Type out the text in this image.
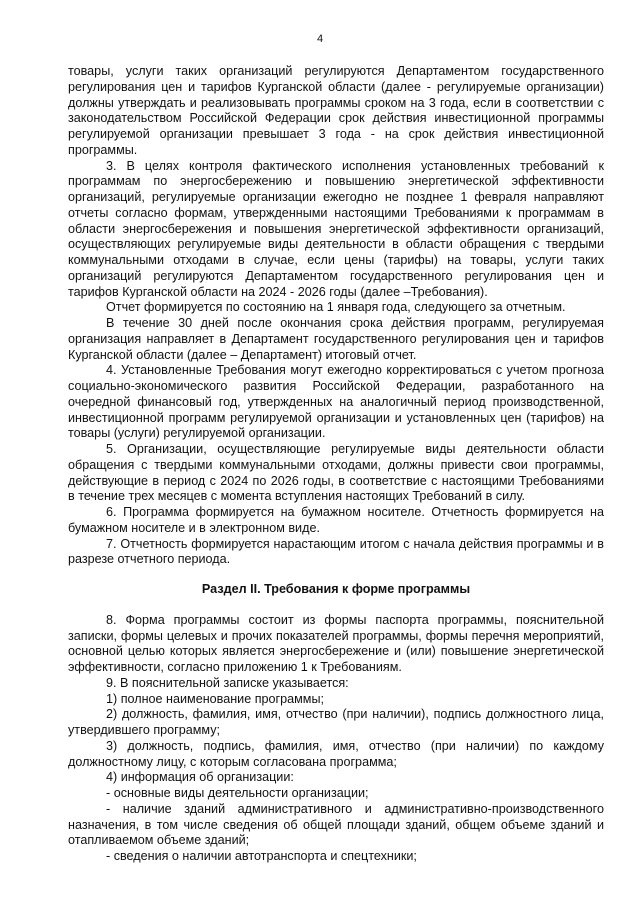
4

товары, услуги таких организаций регулируются Департаментом государственного регулирования цен и тарифов Курганской области (далее - регулируемые организации) должны утверждать и реализовывать программы сроком на 3 года, если в соответствии с законодательством Российской Федерации срок действия инвестиционной программы регулируемой организации превышает 3 года - на срок действия инвестиционной программы.

3. В целях контроля фактического исполнения установленных требований к программам по энергосбережению и повышению энергетической эффективности организаций, регулируемые организации ежегодно не позднее 1 февраля направляют отчеты согласно формам, утвержденными настоящими Требованиями к программам в области энергосбережения и повышения энергетической эффективности организаций, осуществляющих регулируемые виды деятельности в области обращения с твердыми коммунальными отходами в случае, если цены (тарифы) на товары, услуги таких организаций регулируются Департаментом государственного регулирования цен и тарифов Курганской области на 2024 - 2026 годы (далее –Требования).

Отчет формируется по состоянию на 1 января года, следующего за отчетным.

В течение 30 дней после окончания срока действия программ, регулируемая организация направляет в Департамент государственного регулирования цен и тарифов Курганской области (далее – Департамент) итоговый отчет.

4. Установленные Требования могут ежегодно корректироваться с учетом прогноза социально-экономического развития Российской Федерации, разработанного на очередной финансовый год, утвержденных на аналогичный период производственной, инвестиционной программ регулируемой организации и установленных цен (тарифов) на товары (услуги) регулируемой организации.

5. Организации, осуществляющие регулируемые виды деятельности области обращения с твердыми коммунальными отходами, должны привести свои программы, действующие в период с 2024 по 2026 годы, в соответствие с настоящими Требованиями в течение трех месяцев с момента вступления настоящих Требований в силу.

6. Программа формируется на бумажном носителе. Отчетность формируется на бумажном носителе и в электронном виде.

7. Отчетность формируется нарастающим итогом с начала действия программы и в разрезе отчетного периода.

Раздел II. Требования к форме программы

8. Форма программы состоит из формы паспорта программы, пояснительной записки, формы целевых и прочих показателей программы, формы перечня мероприятий, основной целью которых является энергосбережение и (или) повышение энергетической эффективности, согласно приложению 1 к Требованиям.

9. В пояснительной записке указывается:

1) полное наименование программы;

2) должность, фамилия, имя, отчество (при наличии), подпись должностного лица, утвердившего программу;

3) должность, подпись, фамилия, имя, отчество (при наличии) по каждому должностному лицу, с которым согласована программа;

4) информация об организации:

- основные виды деятельности организации;

- наличие зданий административного и административно-производственного назначения, в том числе сведения об общей площади зданий, общем объеме зданий и отапливаемом объеме зданий;

- сведения о наличии автотранспорта и спецтехники;
